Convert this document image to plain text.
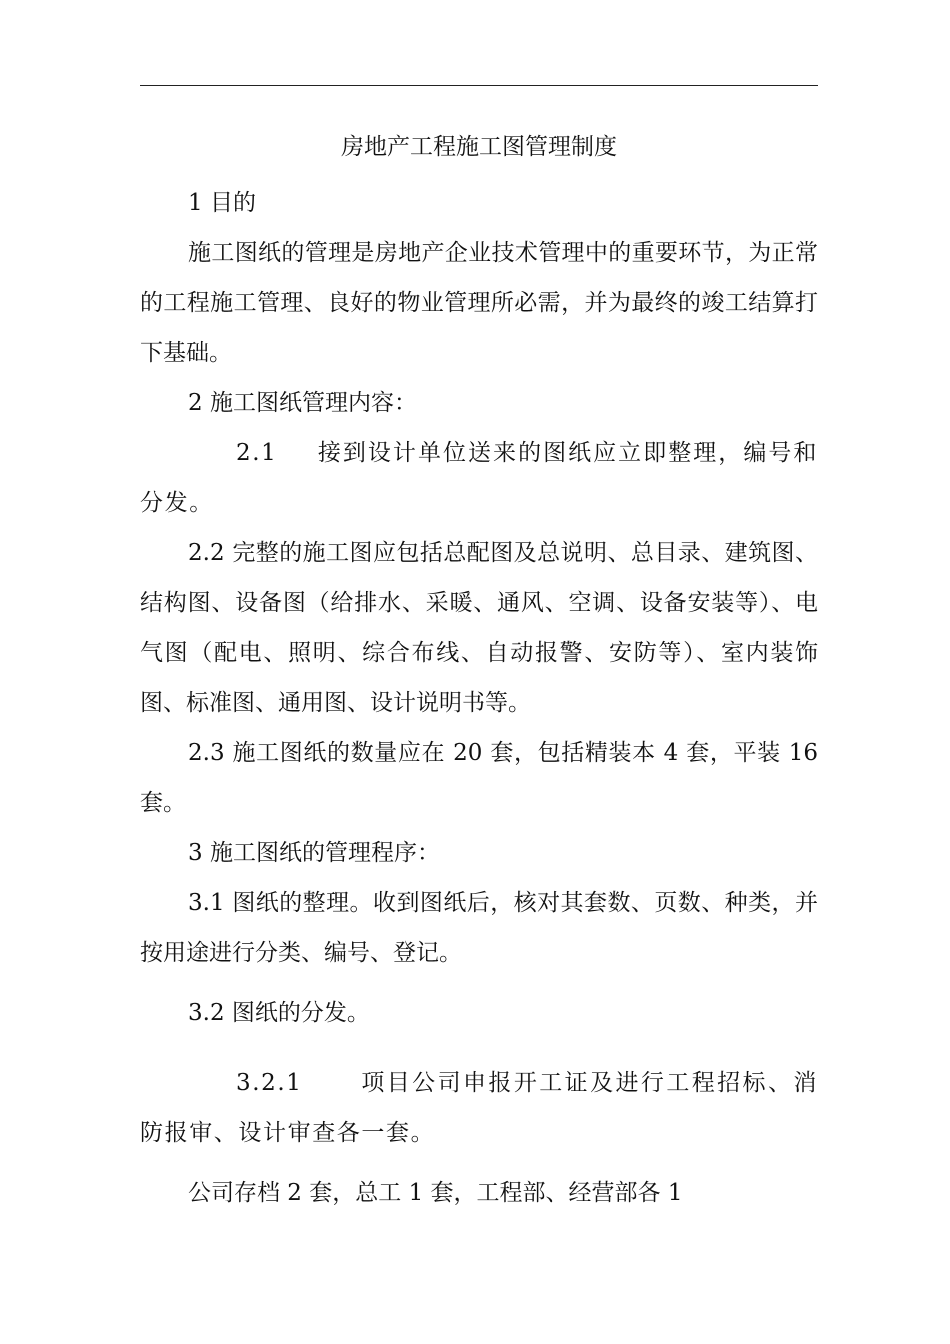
房地产工程施工图管理制度

1 目的

施工图纸的管理是房地产企业技术管理中的重要环节，为正常的工程施工管理、良好的物业管理所必需，并为最终的竣工结算打下基础。

2 施工图纸管理内容：

2.1 接到设计单位送来的图纸应立即整理，编号和分发。

2.2 完整的施工图应包括总配图及总说明、总目录、建筑图、结构图、设备图（给排水、采暖、通风、空调、设备安装等）、电气图（配电、照明、综合布线、自动报警、安防等）、室内装饰图、标准图、通用图、设计说明书等。

2.3 施工图纸的数量应在 20 套，包括精装本 4 套，平装 16 套。

3 施工图纸的管理程序：

3.1 图纸的整理。收到图纸后，核对其套数、页数、种类，并按用途进行分类、编号、登记。

3.2 图纸的分发。

3.2.1	项目公司申报开工证及进行工程招标、消防报审、设计审查各一套。

公司存档 2 套，总工 1 套，工程部、经营部各 1
